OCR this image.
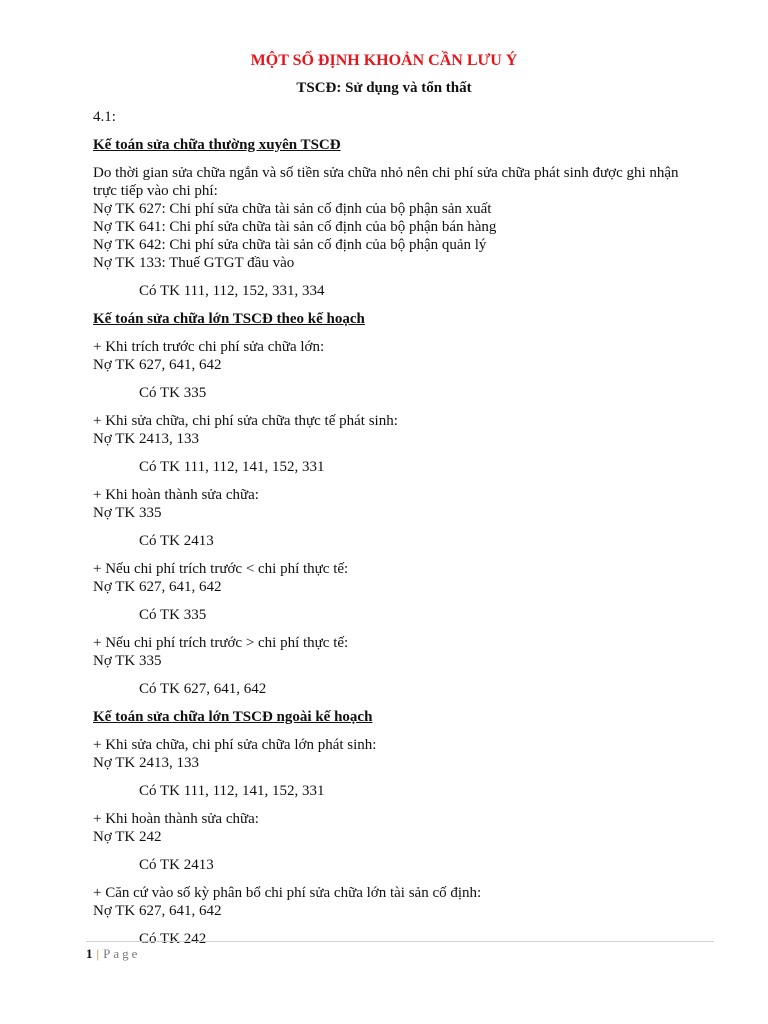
MỘT SỐ ĐỊNH KHOẢN CẦN LƯU Ý
TSCĐ: Sử dụng và tổn thất
4.1:
Kế toán sửa chữa thường xuyên TSCĐ
Do thời gian sửa chữa ngắn và số tiền sửa chữa nhỏ nên chi phí sửa chữa phát sinh được ghi nhận
trực tiếp vào chi phí:
Nợ TK 627: Chi phí sửa chữa tài sản cố định của bộ phận sản xuất
Nợ TK 641: Chi phí sửa chữa tài sản cố định của bộ phận bán hàng
Nợ TK 642: Chi phí sửa chữa tài sản cố định của bộ phận quản lý
Nợ TK 133: Thuế GTGT đầu vào
Có TK 111, 112, 152, 331, 334
Kế toán sửa chữa lớn TSCĐ theo kế hoạch
+ Khi trích trước chi phí sửa chữa lớn:
Nợ TK 627, 641, 642
Có TK 335
+ Khi sửa chữa, chi phí sửa chữa thực tế phát sinh:
Nợ TK 2413, 133
Có TK 111, 112, 141, 152, 331
+ Khi hoàn thành sửa chữa:
Nợ TK 335
Có TK 2413
+ Nếu chi phí trích trước < chi phí thực tế:
Nợ TK 627, 641, 642
Có TK 335
+ Nếu chi phí trích trước > chi phí thực tế:
Nợ TK 335
Có TK 627, 641, 642
Kế toán sửa chữa lớn TSCĐ ngoài kế hoạch
+ Khi sửa chữa, chi phí sửa chữa lớn phát sinh:
Nợ TK 2413, 133
Có TK 111, 112, 141, 152, 331
+ Khi hoàn thành sửa chữa:
Nợ TK 242
Có TK 2413
+ Căn cứ vào số kỳ phân bổ chi phí sửa chữa lớn tài sản cố định:
Nợ TK 627, 641, 642
Có TK 242
1 | Page
